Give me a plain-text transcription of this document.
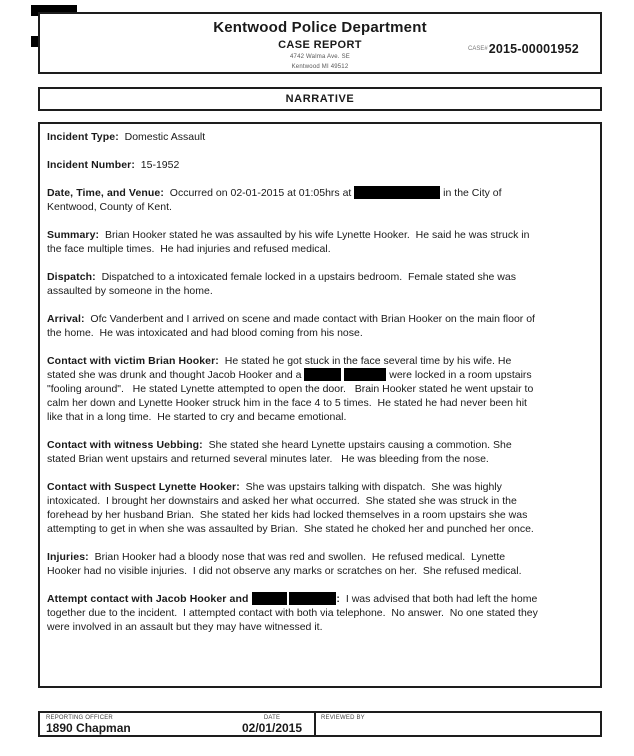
Kentwood Police Department
CASE REPORT
4742 Walma Ave. SE
Kentwood MI 49512
CASE#2015-00001952
NARRATIVE

Incident Type:  Domestic Assault

Incident Number:  15-1952

Date, Time, and Venue:  Occurred on 02-01-2015 at 01:05hrs at	in the City of Kentwood, County of Kent.

Summary:  Brian Hooker stated he was assaulted by his wife Lynette Hooker.  He said he was struck in the face multiple times.  He had injuries and refused medical.

Dispatch:  Dispatched to a intoxicated female locked in a upstairs bedroom.  Female stated she was assaulted by someone in the home.

Arrival:  Ofc Vanderbent and I arrived on scene and made contact with Brian Hooker on the main floor of the home.  He was intoxicated and had blood coming from his nose.

Contact with victim Brian Hooker:  He stated he got stuck in the face several time by his wife. He stated she was drunk and thought Jacob Hooker and a	were locked in a room upstairs "fooling around".   He stated Lynette attempted to open the door.   Brain Hooker stated he went upstair to calm her down and Lynette Hooker struck him in the face 4 to 5 times.  He stated he had never been hit like that in a long time.  He started to cry and became emotional.

Contact with witness Uebbing:  She stated she heard Lynette upstairs causing a commotion. She stated Brian went upstairs and returned several minutes later.   He was bleeding from the nose.

Contact with Suspect Lynette Hooker:  She was upstairs talking with dispatch.  She was highly intoxicated.  I brought her downstairs and asked her what occurred.  She stated she was struck in the forehead by her husband Brian.  She stated her kids had locked themselves in a room upstairs she was attempting to get in when she was assaulted by Brian.  She stated he choked her and punched her once.

Injuries:  Brian Hooker had a bloody nose that was red and swollen.  He refused medical.  Lynette Hooker had no visible injuries.  I did not observe any marks or scratches on her.  She refused medical.

Attempt contact with Jacob Hooker and	:  I was advised that both had left the home together due to the incident.  I attempted contact with both via telephone.  No answer.  No one stated they were involved in an assault but they may have witnessed it.

REPORTING OFFICER
1890 Chapman
DATE
02/01/2015
REVIEWED BY
